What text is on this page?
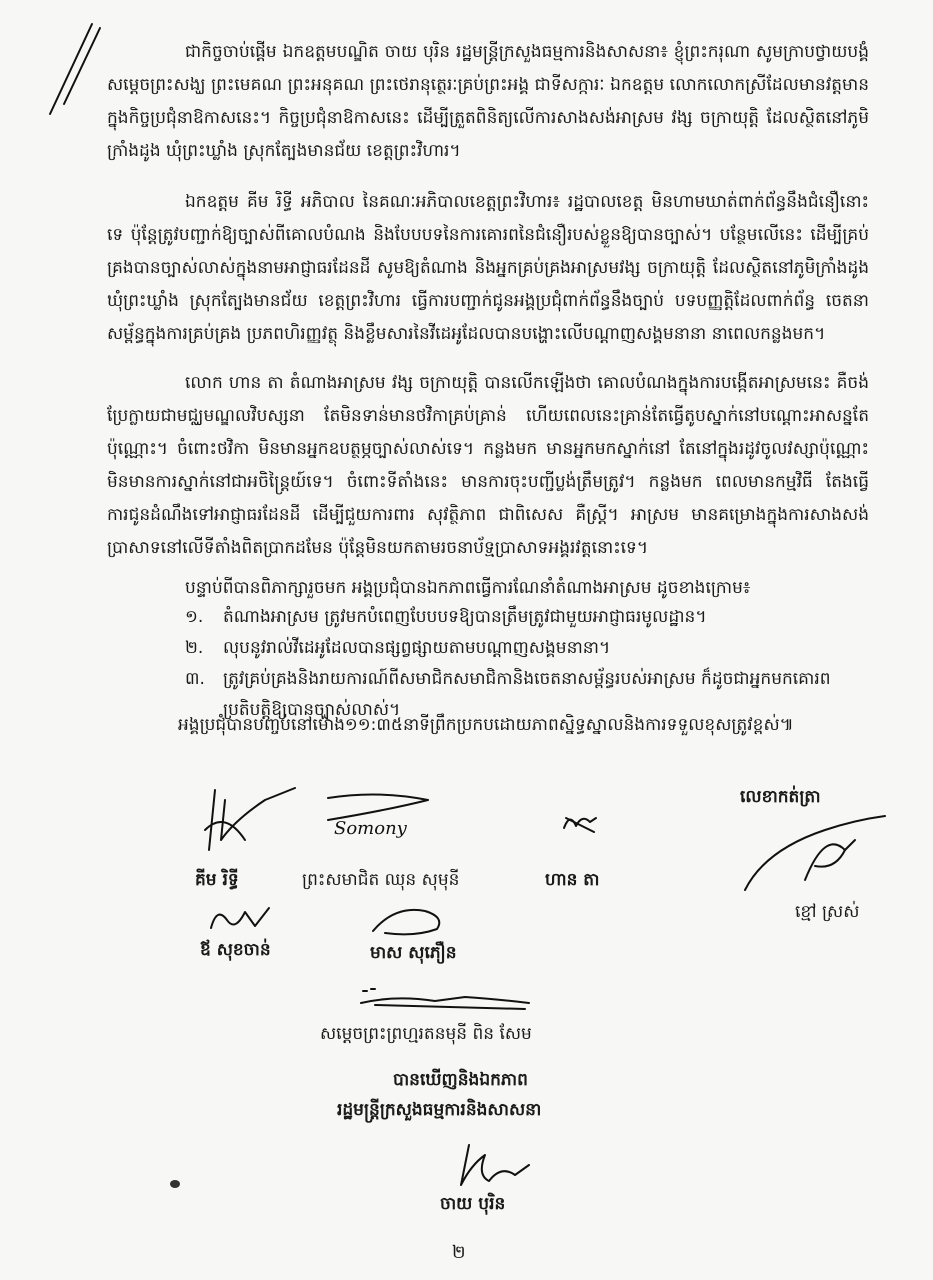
ជាកិច្ចចាប់ផ្តើម ឯកឧត្តមបណ្ឌិត ចាយ បុរិន រដ្ឋមន្ត្រីក្រសួងធម្មការនិងសាសនា៖ ខ្ញុំព្រះករុណា សូមក្រាបថ្វាយបង្គំ សម្តេចព្រះសង្ឃ ព្រះមេគណ ព្រះអនុគណ ព្រះថេរានុត្ថេរៈគ្រប់ព្រះអង្គ ជាទីសក្ការៈ ឯកឧត្តម លោកលោកស្រីដែលមានវត្តមានក្នុងកិច្ចប្រជុំនាឱកាសនេះ។ កិច្ចប្រជុំនាឱកាសនេះ ដើម្បីត្រួតពិនិត្យលើការសាងសង់អាស្រម វង្ស ចក្រាយុត្តិ ដែលស្ថិតនៅភូមិក្រាំងដូង ឃុំព្រះឃ្លាំង ស្រុកត្បែងមានជ័យ ខេត្តព្រះវិហារ។

ឯកឧត្តម គីម រិទ្ធី អភិបាល នៃគណៈអភិបាលខេត្តព្រះវិហារ៖ រដ្ឋបាលខេត្ត មិនហាមឃាត់ពាក់ព័ន្ធនឹងជំនឿនោះទេ ប៉ុន្តែត្រូវបញ្ជាក់ឱ្យច្បាស់ពីគោលបំណង និងបែបបទនៃការគោរពនៃជំនឿរបស់ខ្លួនឱ្យបានច្បាស់។ បន្ថែមលើនេះ ដើម្បីគ្រប់គ្រងបានច្បាស់លាស់ក្នុងនាមអាជ្ញាធរដែនដី សូមឱ្យតំណាង និងអ្នកគ្រប់គ្រងអាស្រមវង្ស ចក្រាយុត្តិ ដែលស្ថិតនៅភូមិក្រាំងដូង ឃុំព្រះឃ្លាំង ស្រុកត្បែងមានជ័យ ខេត្តព្រះវិហារ ធ្វើការបញ្ជាក់ជូនអង្គប្រជុំពាក់ព័ន្ធនឹងច្បាប់ បទបញ្ញត្តិដែលពាក់ព័ន្ធ ចេតនាសម្ព័ន្ធក្នុងការគ្រប់គ្រង ប្រភពហិរញ្ញវត្ថុ និងខ្លឹមសារនៃវីដេអូដែលបានបង្ហោះលើបណ្តាញសង្គមនានា នាពេលកន្លងមក។

លោក ហាន តា តំណាងអាស្រម វង្ស ចក្រាយុត្តិ បានលើកឡើងថា គោលបំណងក្នុងការបង្កើតអាស្រមនេះ គឺចង់ប្រែក្លាយជាមជ្ឈមណ្ឌលវិបស្សនា តែមិនទាន់មានថវិកាគ្រប់គ្រាន់ ហើយពេលនេះគ្រាន់តែធ្វើតូបស្នាក់នៅបណ្តោះអាសន្នតែប៉ុណ្ណោះ។ ចំពោះថវិកា មិនមានអ្នកឧបត្ថម្ភច្បាស់លាស់ទេ។ កន្លងមក មានអ្នកមកស្នាក់នៅ តែនៅក្នុងរដូវចូលវស្សាប៉ុណ្ណោះ មិនមានការស្នាក់នៅជាអចិន្ត្រៃយ៍ទេ។ ចំពោះទីតាំងនេះ មានការចុះបញ្ជីប្លង់ត្រឹមត្រូវ។ កន្លងមក ពេលមានកម្មវិធី តែងធ្វើការជូនដំណឹងទៅអាជ្ញាធរដែនដី ដើម្បីជួយការពារ សុវត្ថិភាព ជាពិសេស គឺស្ត្រី។ អាស្រម មានគម្រោងក្នុងការសាងសង់ប្រាសាទនៅលើទីតាំងពិតប្រាកដមែន ប៉ុន្តែមិនយកតាមរចនាប័ទ្មប្រាសាទអង្គរវត្តនោះទេ។

បន្ទាប់ពីបានពិភាក្សារួចមក អង្គប្រជុំបានឯកភាពធ្វើការណែនាំតំណាងអាស្រម ដូចខាងក្រោម៖

១.	តំណាងអាស្រម ត្រូវមកបំពេញបែបបទឱ្យបានត្រឹមត្រូវជាមួយអាជ្ញាធរមូលដ្ឋាន។
២.	លុបនូវរាល់វីដេអូដែលបានផ្សព្វផ្សាយតាមបណ្តាញសង្គមនានា។
៣.	ត្រូវគ្រប់គ្រងនិងរាយការណ៍ពីសមាជិកសមាជិកានិងចេតនាសម្ព័ន្ធរបស់អាស្រម ក៏ដូចជាអ្នកមកគោរពប្រតិបត្តិឱ្យបានច្បាស់លាស់។

អង្គប្រជុំបានបញ្ចប់នៅម៉ោង១១:៣៥នាទីព្រឹកប្រកបដោយភាពស្និទ្ធស្នាលនិងការទទួលខុសត្រូវខ្ពស់៕

លេខាកត់ត្រា
គីម រិទ្ធី
Somony
ព្រះសមាជិត ឈុន សុមុនី	ហាន តា
ខ្មៅ ស្រស់
ឪ សុខចាន់	មាស សុភឿន
សម្តេចព្រះព្រហ្មរតនមុនី ពិន សែម
បានឃើញនិងឯកភាព
រដ្ឋមន្ត្រីក្រសួងធម្មការនិងសាសនា
ចាយ បុរិន
២
